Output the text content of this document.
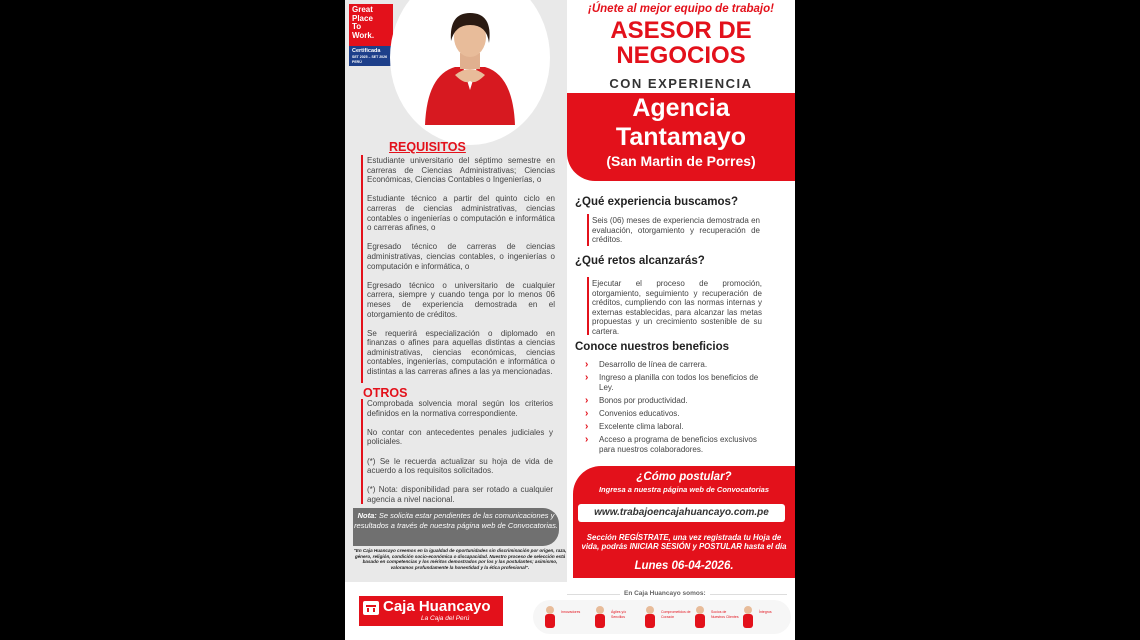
Great
Place
To
Work.
Certificada
SET 2025 – SET 2026
PERÚ
REQUISITOS

Estudiante universitario del séptimo semestre en carreras de Ciencias Administrativas; Ciencias Económicas, Ciencias Contables o Ingenierías, o

Estudiante técnico a partir del quinto ciclo en carreras de ciencias administrativas, ciencias contables o ingenierías o computación e informática o carreras afines, o

Egresado técnico de carreras de ciencias administrativas, ciencias contables, o ingenierías o computación e informática, o

Egresado técnico o universitario de cualquier carrera, siempre y cuando tenga por lo menos 06 meses de experiencia demostrada en el otorgamiento de créditos.

Se requerirá especialización o diplomado en finanzas o afines para aquellas distintas a ciencias administrativas, ciencias económicas, ciencias contables, ingenierías, computación e informática o distintas a las carreras afines a las ya mencionadas.

OTROS

Comprobada solvencia moral según los criterios definidos en la normativa correspondiente.

No contar con antecedentes penales judiciales y policiales.

(*) Se le recuerda actualizar su hoja de vida de acuerdo a los requisitos solicitados.

(*) Nota: disponibilidad para ser rotado a cualquier agencia a nivel nacional.

Nota: Se solicita estar pendientes de las comunicaciones y resultados a través de nuestra página web de Convocatorias.
"En Caja Huancayo creemos en la igualdad de oportunidades sin discriminación por origen, raza, género, religión, condición socio-económica o discapacidad. Nuestro proceso de selección está basado en competencias y los méritos demostrados por los y las postulantes; asimismo, valoramos profundamente la honestidad y la ética profesional".
¡Únete al mejor equipo de trabajo!
ASESOR DE
NEGOCIOS
CON EXPERIENCIA
Agencia
Tantamayo
(San Martin de Porres)
¿Qué experiencia buscamos?
Seis (06) meses de experiencia demostrada en evaluación, otorgamiento y recuperación de créditos.
¿Qué retos alcanzarás?
Ejecutar el proceso de promoción, otorgamiento, seguimiento y recuperación de créditos, cumpliendo con las normas internas y externas establecidas, para alcanzar las metas propuestas y un crecimiento sostenible de su cartera.
Conoce nuestros beneficios
› Desarrollo de línea de carrera.
› Ingreso a planilla con todos los beneficios de Ley.
› Bonos por productividad.
› Convenios educativos.
› Excelente clima laboral.
› Acceso a programa de beneficios exclusivos para nuestros colaboradores.
¿Cómo postular?
Ingresa a nuestra página web de Convocatorias
www.trabajoencajahuancayo.com.pe
Sección REGÍSTRATE, una vez registrada tu Hoja de vida, podrás INICIAR SESIÓN y POSTULAR hasta el día
Lunes 06-04-2026.
Caja Huancayo
La Caja del Perú
En Caja Huancayo somos:
Innovadores	Ágiles y/o Sencillos
Comprometidos de Corazón
Socios de Nuestros Clientes
Íntegros
